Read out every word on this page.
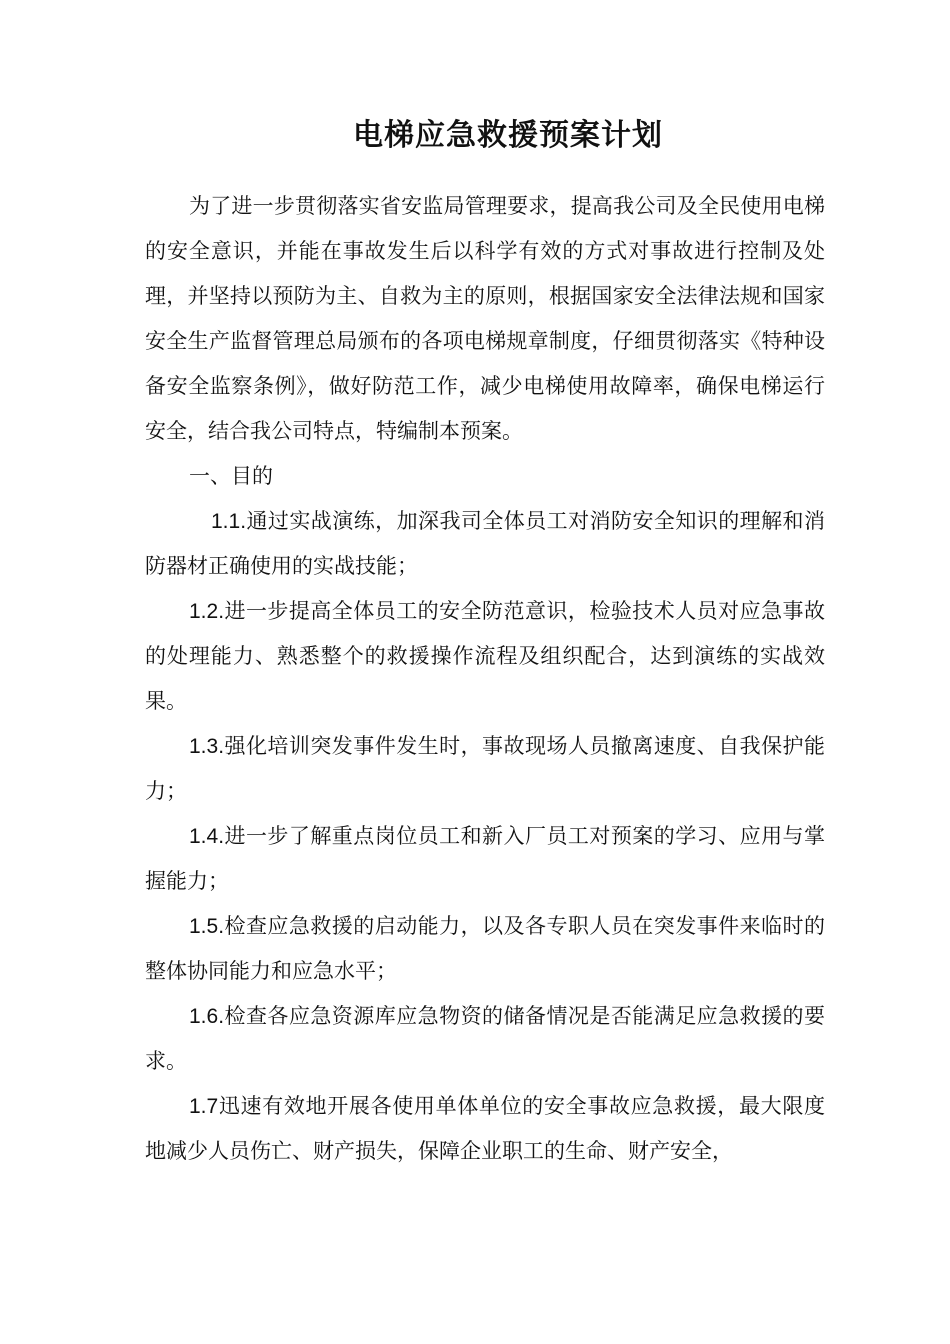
电梯应急救援预案计划

为了进一步贯彻落实省安监局管理要求，提高我公司及全民使用电梯的安全意识，并能在事故发生后以科学有效的方式对事故进行控制及处理，并坚持以预防为主、自救为主的原则，根据国家安全法律法规和国家安全生产监督管理总局颁布的各项电梯规章制度，仔细贯彻落实《特种设备安全监察条例》，做好防范工作，减少电梯使用故障率，确保电梯运行安全，结合我公司特点，特编制本预案。

一、目的

1.1.通过实战演练，加深我司全体员工对消防安全知识的理解和消防器材正确使用的实战技能；

1.2.进一步提高全体员工的安全防范意识，检验技术人员对应急事故的处理能力、熟悉整个的救援操作流程及组织配合，达到演练的实战效果。

1.3.强化培训突发事件发生时，事故现场人员撤离速度、自我保护能力；

1.4.进一步了解重点岗位员工和新入厂员工对预案的学习、应用与掌握能力；

1.5.检查应急救援的启动能力，以及各专职人员在突发事件来临时的整体协同能力和应急水平；

1.6.检查各应急资源库应急物资的储备情况是否能满足应急救援的要求。

1.7迅速有效地开展各使用单体单位的安全事故应急救援，最大限度地减少人员伤亡、财产损失，保障企业职工的生命、财产安全，
